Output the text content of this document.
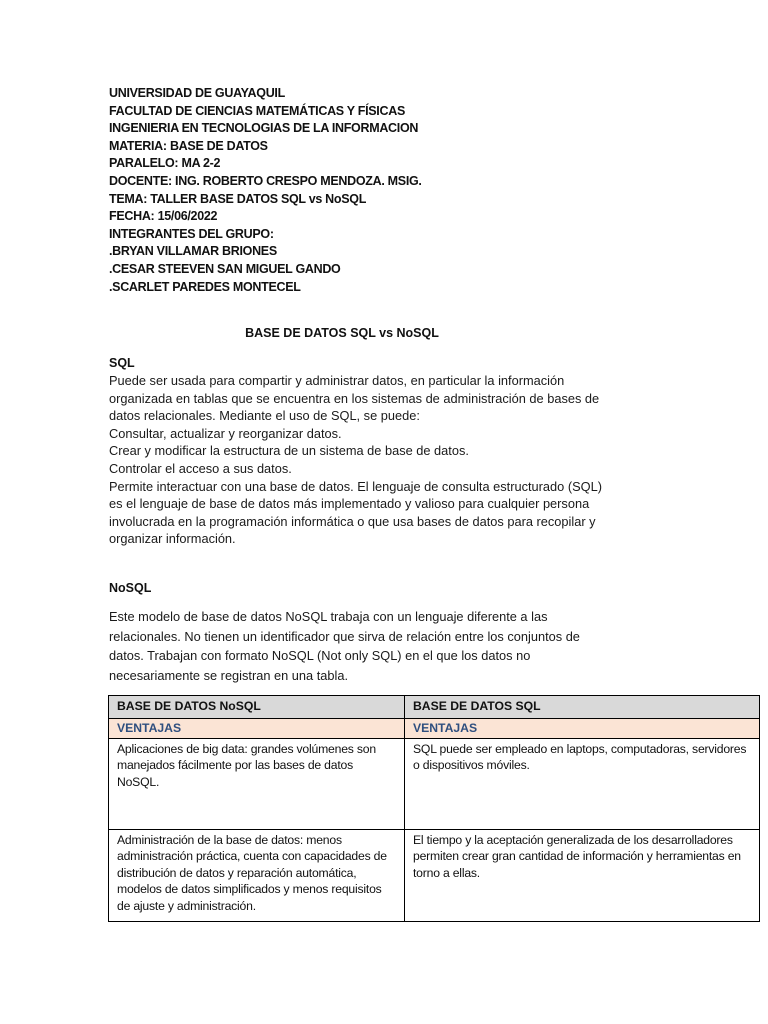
UNIVERSIDAD DE GUAYAQUIL
FACULTAD DE CIENCIAS MATEMÁTICAS Y FÍSICAS
INGENIERIA EN TECNOLOGIAS DE LA INFORMACION
MATERIA: BASE DE DATOS
PARALELO: MA 2-2
DOCENTE: ING. ROBERTO CRESPO MENDOZA. MSIG.
TEMA: TALLER BASE DATOS SQL vs NoSQL
FECHA: 15/06/2022
INTEGRANTES DEL GRUPO:
.BRYAN VILLAMAR BRIONES
.CESAR STEEVEN SAN MIGUEL GANDO
.SCARLET PAREDES MONTECEL
BASE DE DATOS SQL vs NoSQL
SQL
Puede ser usada para compartir y administrar datos, en particular la información
organizada en tablas que se encuentra en los sistemas de administración de bases de
datos relacionales. Mediante el uso de SQL, se puede:
Consultar, actualizar y reorganizar datos.
Crear y modificar la estructura de un sistema de base de datos.
Controlar el acceso a sus datos.
Permite interactuar con una base de datos. El lenguaje de consulta estructurado (SQL)
es el lenguaje de base de datos más implementado y valioso para cualquier persona
involucrada en la programación informática o que usa bases de datos para recopilar y
organizar información.
NoSQL
Este modelo de base de datos NoSQL trabaja con un lenguaje diferente a las
relacionales. No tienen un identificador que sirva de relación entre los conjuntos de
datos. Trabajan con formato NoSQL (Not only SQL) en el que los datos no
necesariamente se registran en una tabla.
BASE DE DATOS NoSQL	BASE DE DATOS SQL
VENTAJAS	VENTAJAS
Aplicaciones de big data: grandes volúmenes son manejados fácilmente por las bases de datos NoSQL.	SQL puede ser empleado en laptops, computadoras, servidores o dispositivos móviles.
Administración de la base de datos: menos administración práctica, cuenta con capacidades de distribución de datos y reparación automática, modelos de datos simplificados y menos requisitos de ajuste y administración.	El tiempo y la aceptación generalizada de los desarrolladores permiten crear gran cantidad de información y herramientas en torno a ellas.
